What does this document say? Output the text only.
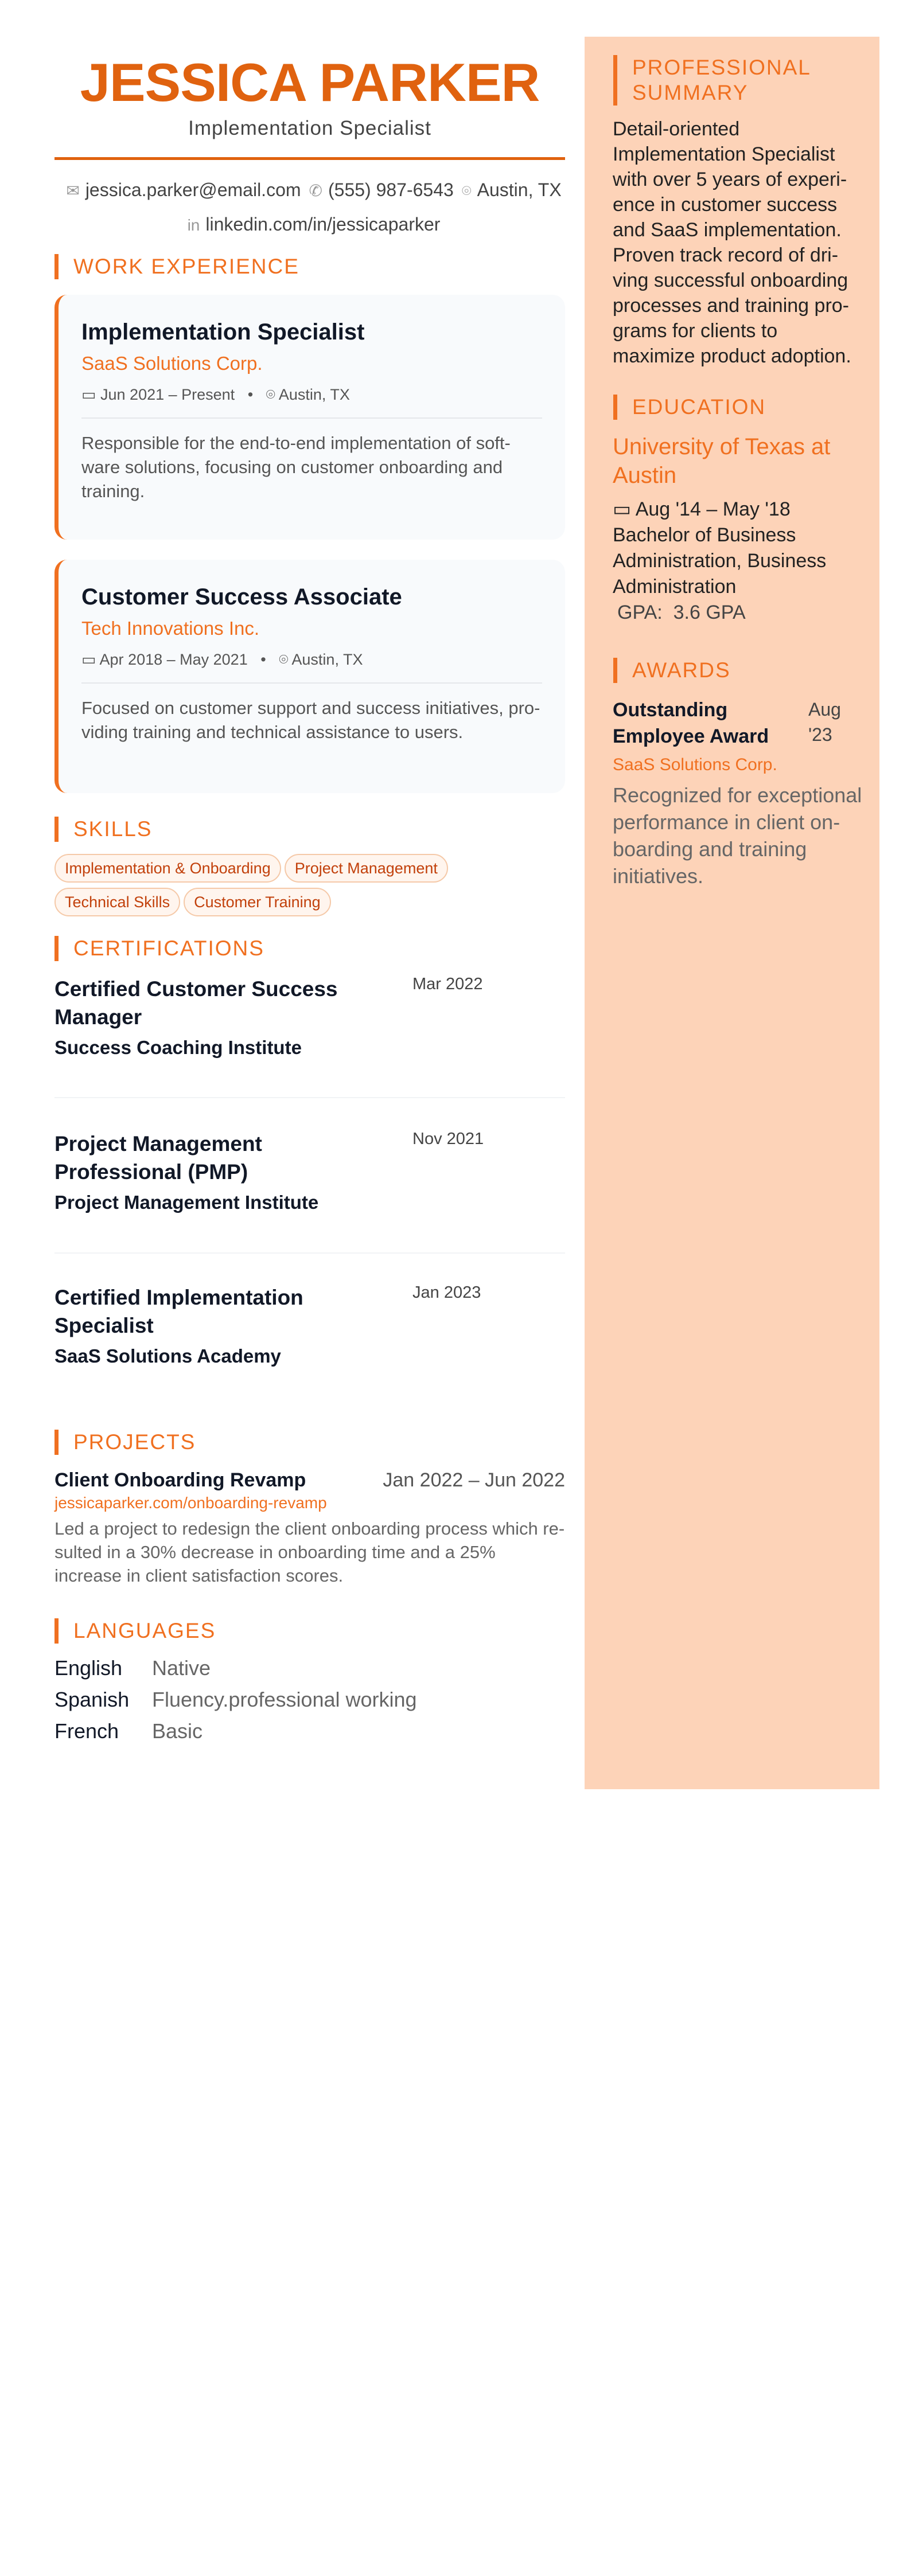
JESSICA PARKER
Implementation Specialist
✉ jessica.parker@email.com ✆ (555) 987-6543 ⌾ Austin, TX
in linkedin.com/in/jessicaparker
WORK EXPERIENCE
Implementation Specialist
SaaS Solutions Corp.
▭ Jun 2021 – Present   •   ⌾ Austin, TX
Responsible for the end-to-end implementation of soft-ware solutions, focusing on customer onboarding and training.
Customer Success Associate
Tech Innovations Inc.
▭ Apr 2018 – May 2021   •   ⌾ Austin, TX
Focused on customer support and success initiatives, pro-viding training and technical assistance to users.
SKILLS
Implementation & Onboarding Project ManagementTechnical Skills Customer Training
CERTIFICATIONS
Certified Customer Success Manager
Success Coaching Institute
Mar 2022
Project Management Professional (PMP)
Project Management Institute
Nov 2021
Certified Implementation Specialist
SaaS Solutions Academy
Jan 2023
PROJECTS
Client Onboarding Revamp	Jan 2022 – Jun 2022
jessicaparker.com/onboarding-revamp
Led a project to redesign the client onboarding process which re-sulted in a 30% decrease in onboarding time and a 25% increase in client satisfaction scores.
LANGUAGES
English	Native
Spanish	Fluency.professional working
French	Basic
PROFESSIONAL SUMMARY
EDUCATION
AWARDS
Detail-oriented Implementation Specialist with over 5 years of experi-ence in customer success and SaaS implementation. Proven track record of dri-ving successful onboarding processes and training pro-grams for clients to maximize product adoption.
University of Texas at Austin
▭ Aug '14 – May '18
Bachelor of Business Administration, Business Administration
GPA: 3.6 GPA
Outstanding Employee Award
Aug '23
SaaS Solutions Corp.
Recognized for exceptional performance in client on-boarding and training initiatives.
